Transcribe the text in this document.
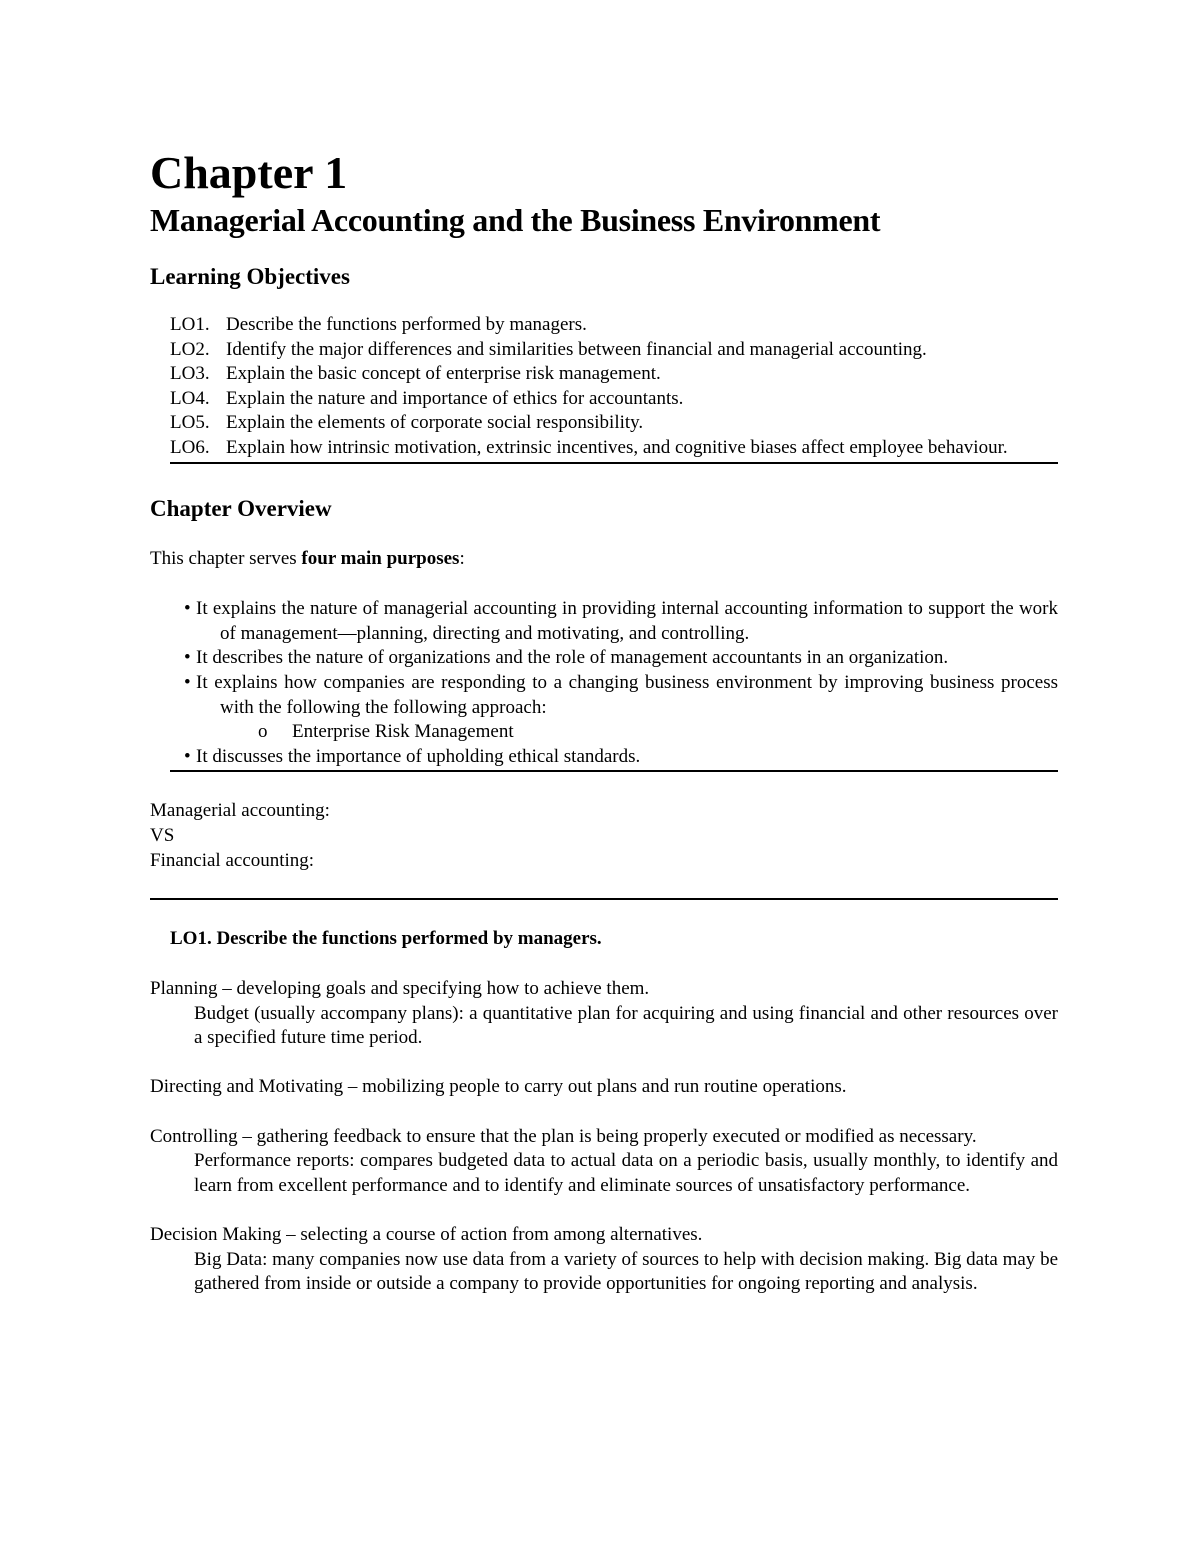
Chapter 1
Managerial Accounting and the Business Environment
Learning Objectives
LO1. Describe the functions performed by managers.
LO2. Identify the major differences and similarities between financial and managerial accounting.
LO3. Explain the basic concept of enterprise risk management.
LO4. Explain the nature and importance of ethics for accountants.
LO5. Explain the elements of corporate social responsibility.
LO6. Explain how intrinsic motivation, extrinsic incentives, and cognitive biases affect employee behaviour.
Chapter Overview

This chapter serves four main purposes:

• It explains the nature of managerial accounting in providing internal accounting information to support the work of management—planning, directing and motivating, and controlling.
• It describes the nature of organizations and the role of management accountants in an organization.
• It explains how companies are responding to a changing business environment by improving business process with the following the following approach:
o Enterprise Risk Management
• It discusses the importance of upholding ethical standards.

Managerial accounting:

VS

Financial accounting:

LO1. Describe the functions performed by managers.

Planning – developing goals and specifying how to achieve them.

Budget (usually accompany plans): a quantitative plan for acquiring and using financial and other resources over a specified future time period.

Directing and Motivating – mobilizing people to carry out plans and run routine operations.

Controlling – gathering feedback to ensure that the plan is being properly executed or modified as necessary.

Performance reports: compares budgeted data to actual data on a periodic basis, usually monthly, to identify and learn from excellent performance and to identify and eliminate sources of unsatisfactory performance.

Decision Making – selecting a course of action from among alternatives.

Big Data: many companies now use data from a variety of sources to help with decision making. Big data may be gathered from inside or outside a company to provide opportunities for ongoing reporting and analysis.
